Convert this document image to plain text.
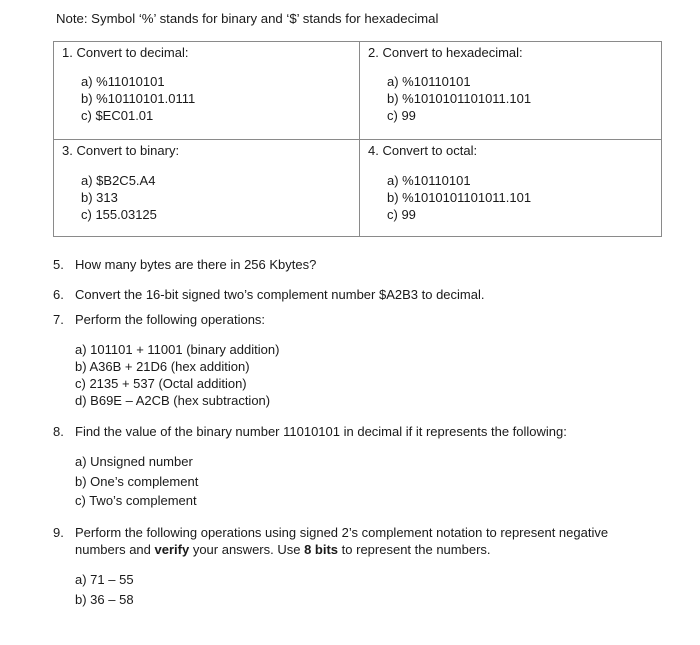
Note: Symbol ‘%’ stands for binary and ‘$’ stands for hexadecimal
1. Convert to decimal:
a) %11010101
b) %10110101.0111
c) $EC01.01
2. Convert to hexadecimal:
a) %10110101
b) %1010101101011.101
c) 99
3. Convert to binary:
a) $B2C5.A4
b) 313
c) 155.03125
4. Convert to octal:
a) %10110101
b) %1010101101011.101
c) 99
5. How many bytes are there in 256 Kbytes?
6. Convert the 16-bit signed two’s complement number $A2B3 to decimal.
7. Perform the following operations:
a) 101101 + 11001 (binary addition)
b) A36B + 21D6 (hex addition)
c) 2135 + 537 (Octal addition)
d) B69E – A2CB (hex subtraction)
8. Find the value of the binary number 11010101 in decimal if it represents the following:
a) Unsigned number
b) One’s complement
c) Two’s complement
9. Perform the following operations using signed 2’s complement notation to represent negative
numbers and verify your answers. Use 8 bits to represent the numbers.
a) 71 – 55
b) 36 – 58
